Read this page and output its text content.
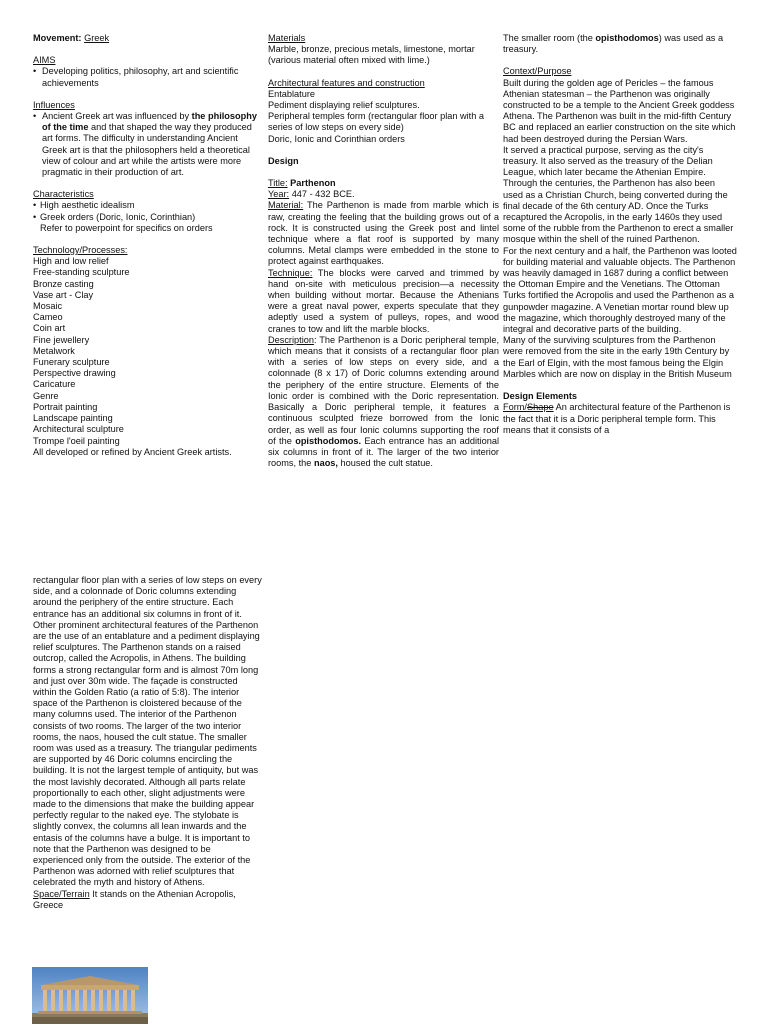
Movement: Greek

AIMS

• Developing politics, philosophy, art and scientific achievements

Influences

• Ancient Greek art was influenced by the philosophy of the time and that shaped the way they produced art forms. The difficulty in understanding Ancient Greek art is that the philosophers held a theoretical view of colour and art while the artists were more pragmatic in their production of art.

Characteristics

• High aesthetic idealism
• Greek orders (Doric, Ionic, Corinthian)

Refer to powerpoint for specifics on orders

Technology/Processes:

High and low relief

Free-standing sculpture

Bronze casting

Vase art - Clay

Mosaic

Cameo

Coin art

Fine jewellery

Metalwork

Funerary sculpture

Perspective drawing

Caricature

Genre

Portrait painting

Landscape painting

Architectural sculpture

Trompe l'oeil painting

All developed or refined by Ancient Greek artists.

Materials

Marble, bronze, precious metals, limestone, mortar (various material often mixed with lime.)

Architectural features and construction

Entablature

Pediment displaying relief sculptures.

Peripheral temples form (rectangular floor plan with a series of low steps on every side)

Doric, Ionic and Corinthian orders

Design

Title: Parthenon

Year: 447 - 432 BCE.

Material: The Parthenon is made from marble which is raw, creating the feeling that the building grows out of a rock. It is constructed using the Greek post and lintel technique where a flat roof is supported by many columns. Metal clamps were embedded in the stone to protect against earthquakes.

Technique: The blocks were carved and trimmed by hand on-site with meticulous precision—a necessity when building without mortar. Because the Athenians were a great naval power, experts speculate that they adeptly used a system of pulleys, ropes, and wood cranes to tow and lift the marble blocks.

Description: The Parthenon is a Doric peripheral temple, which means that it consists of a rectangular floor plan with a series of low steps on every side, and a colonnade (8 x 17) of Doric columns extending around the periphery of the entire structure. Elements of the Ionic order is combined with the Doric representation. Basically a Doric peripheral temple, it features a continuous sculpted frieze borrowed from the Ionic order, as well as four Ionic columns supporting the roof of the opisthodomos. Each entrance has an additional six columns in front of it. The larger of the two interior rooms, the naos, housed the cult statue.

The smaller room (the opisthodomos) was used as a treasury.

Context/Purpose

Built during the golden age of Pericles – the famous Athenian statesman – the Parthenon was originally constructed to be a temple to the Ancient Greek goddess Athena. The Parthenon was built in the mid-fifth Century BC and replaced an earlier construction on the site which had been destroyed during the Persian Wars.

It served a practical purpose, serving as the city's treasury. It also served as the treasury of the Delian League, which later became the Athenian Empire. Through the centuries, the Parthenon has also been used as a Christian Church, being converted during the final decade of the 6th century AD. Once the Turks recaptured the Acropolis, in the early 1460s they used some of the rubble from the Parthenon to erect a smaller mosque within the shell of the ruined Parthenon.

For the next century and a half, the Parthenon was looted for building material and valuable objects. The Parthenon was heavily damaged in 1687 during a conflict between the Ottoman Empire and the Venetians. The Ottoman Turks fortified the Acropolis and used the Parthenon as a gunpowder magazine. A Venetian mortar round blew up the magazine, which thoroughly destroyed many of the integral and decorative parts of the building.

Many of the surviving sculptures from the Parthenon were removed from the site in the early 19th Century by the Earl of Elgin, with the most famous being the Elgin Marbles which are now on display in the British Museum

Design Elements

Form/Shape An architectural feature of the Parthenon is the fact that it is a Doric peripheral temple form. This means that it consists of a

rectangular floor plan with a series of low steps on every side, and a colonnade of Doric columns extending around the periphery of the entire structure. Each entrance has an additional six columns in front of it. Other prominent architectural features of the Parthenon are the use of an entablature and a pediment displaying relief sculptures. The Parthenon stands on a raised outcrop, called the Acropolis, in Athens. The building forms a strong rectangular form and is almost 70m long and just over 30m wide. The façade is constructed within the Golden Ratio (a ratio of 5:8). The interior space of the Parthenon is cloistered because of the many columns used. The interior of the Parthenon consists of two rooms. The larger of the two interior rooms, the naos, housed the cult statue. The smaller room was used as a treasury. The triangular pediments are supported by 46 Doric columns encircling the building. It is not the largest temple of antiquity, but was the most lavishly decorated. Although all parts relate proportionally to each other, slight adjustments were made to the dimensions that make the building appear perfectly regular to the naked eye. The stylobate is slightly convex, the columns all lean inwards and the entasis of the columns have a bulge. It is important to note that the Parthenon was designed to be experienced only from the outside. The exterior of the Parthenon was adorned with relief sculptures that celebrated the myth and history of Athens.

Space/Terrain It stands on the Athenian Acropolis, Greece
